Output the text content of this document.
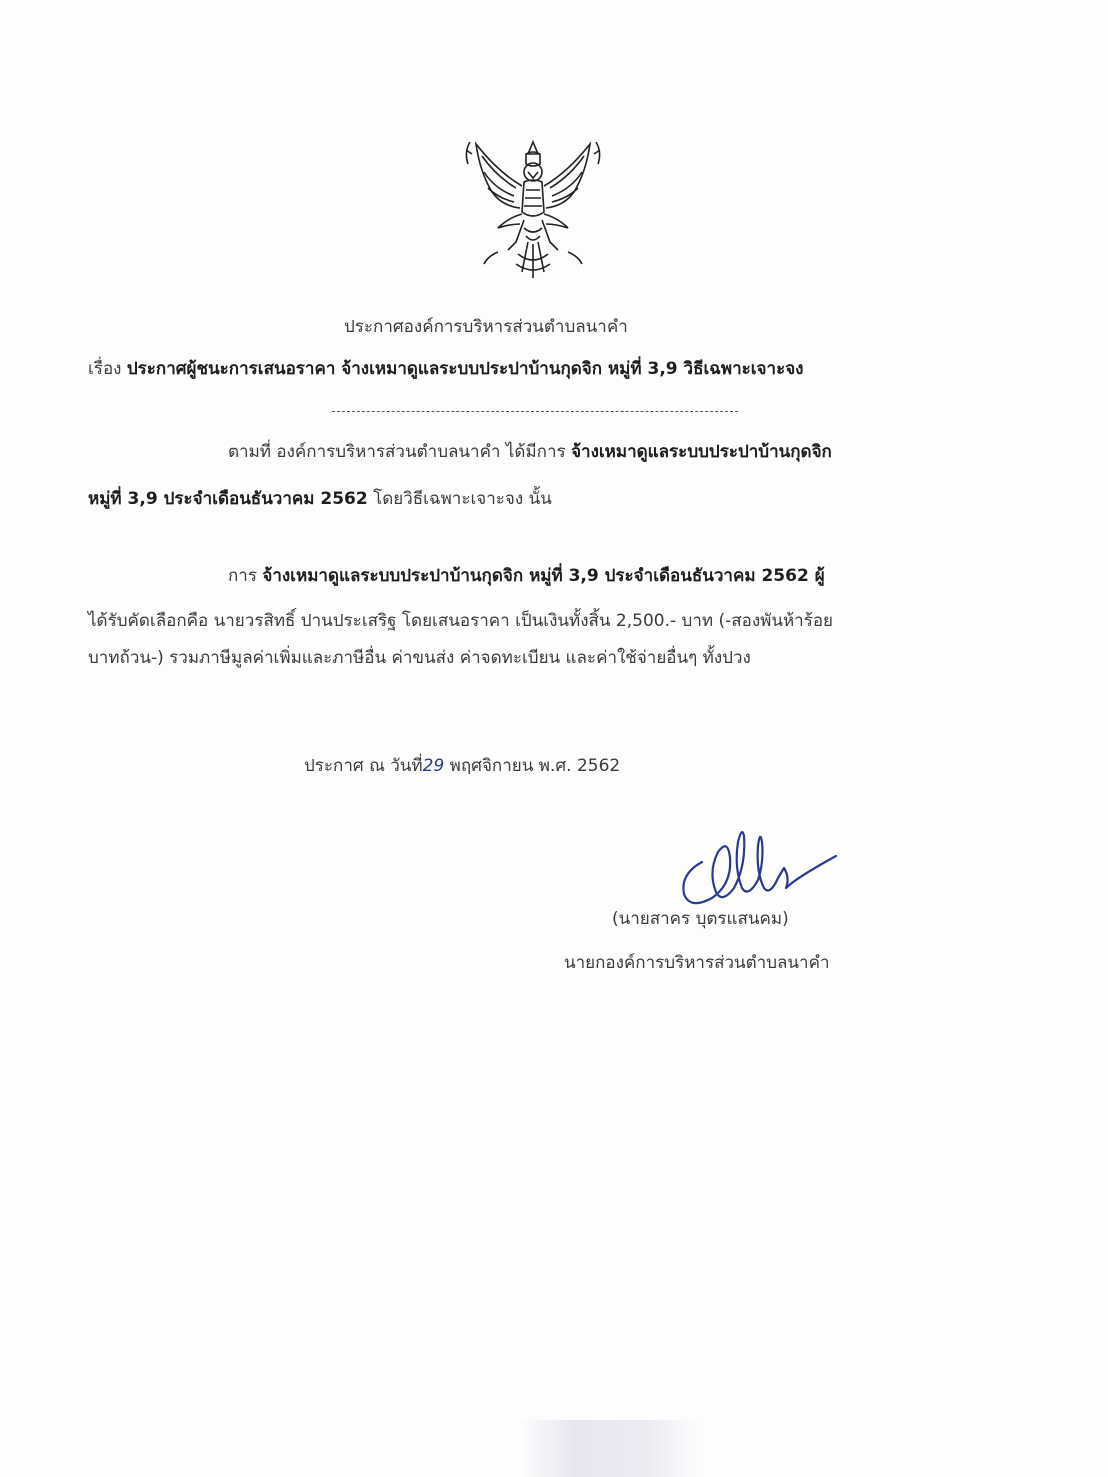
ประกาศองค์การบริหารส่วนตำบลนาคำ
เรื่อง ประกาศผู้ชนะการเสนอราคา จ้างเหมาดูแลระบบประปาบ้านกุดจิก หมู่ที่ 3,9 วิธีเฉพาะเจาะจง
ตามที่ องค์การบริหารส่วนตำบลนาคำ ได้มีการ จ้างเหมาดูแลระบบประปาบ้านกุดจิก
หมู่ที่ 3,9 ประจำเดือนธันวาคม 2562 โดยวิธีเฉพาะเจาะจง นั้น
การ จ้างเหมาดูแลระบบประปาบ้านกุดจิก หมู่ที่ 3,9 ประจำเดือนธันวาคม 2562 ผู้
ได้รับคัดเลือกคือ นายวรสิทธิ์ ปานประเสริฐ โดยเสนอราคา เป็นเงินทั้งสิ้น 2,500.- บาท (-สองพันห้าร้อย
บาทถ้วน-) รวมภาษีมูลค่าเพิ่มและภาษีอื่น ค่าขนส่ง ค่าจดทะเบียน และค่าใช้จ่ายอื่นๆ ทั้งปวง
ประกาศ ณ วันที่29 พฤศจิกายน พ.ศ. 2562
(นายสาคร บุตรแสนคม)
นายกองค์การบริหารส่วนตำบลนาคำ
